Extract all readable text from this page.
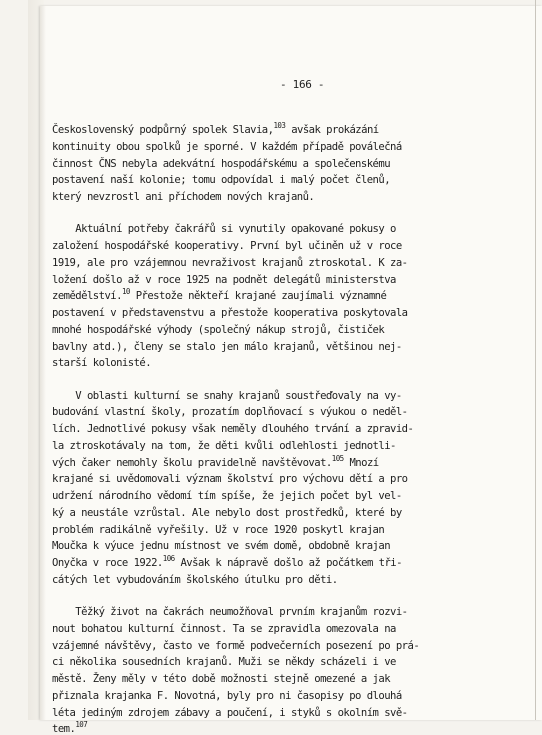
- 166 -
Československý podpůrný spolek Slavia,$^{103}$ avšak prokázání
kontinuity obou spolků je sporné. V každém případě poválečná
činnost ČNS nebyla adekvátní hospodářskému a společenskému
postavení naší kolonie; tomu odpovídal i malý počet členů,
který nevzrostl ani příchodem nových krajanů.
Aktuální potřeby čakrářů si vynutily opakované pokusy o
založení hospodářské kooperativy. První byl učiněn už v roce
1919, ale pro vzájemnou nevraživost krajanů ztroskotal. K za-
ložení došlo až v roce 1925 na podnět delegátů ministerstva
zemědělství.$^{10}$ Přestože někteří krajané zaujímali významné
postavení v představenstvu a přestože kooperativa poskytovala
mnohé hospodářské výhody (společný nákup strojů, čističek
bavlny atd.), členy se stalo jen málo krajanů, většinou nej-
starší kolonisté.
V oblasti kulturní se snahy krajanů soustřeďovaly na vy-
budování vlastní školy, prozatím doplňovací s výukou o neděl-
lích. Jednotlivé pokusy však neměly dlouhého trvání a zpravid-
la ztroskotávaly na tom, že děti kvůli odlehlosti jednotli-
vých čaker nemohly školu pravidelně navštěvovat.$^{105}$ Mnozí
krajané si uvědomovali význam školství pro výchovu dětí a pro
udržení národního vědomí tím spíše, že jejich počet byl vel-
ký a neustále vzrůstal. Ale nebylo dost prostředků, které by
problém radikálně vyřešily. Už v roce 1920 poskytl krajan
Moučka k výuce jednu místnost ve svém domě, obdobně krajan
Onyčka v roce 1922.$^{106}$ Avšak k nápravě došlo až počátkem tři-
cátých let vybudováním školského útulku pro děti.
Těžký život na čakrách neumožňoval prvním krajanům rozvi-
nout bohatou kulturní činnost. Ta se zpravidla omezovala na
vzájemné návštěvy, často ve formě podvečerních posezení po prá-
ci několika sousedních krajanů. Muži se někdy scházeli i ve
městě. Ženy měly v této době možnosti stejně omezené a jak
přiznala krajanka F. Novotná, byly pro ni časopisy po dlouhá
léta jediným zdrojem zábavy a poučení, i styků s okolním svě-
tem.$^{107}$
